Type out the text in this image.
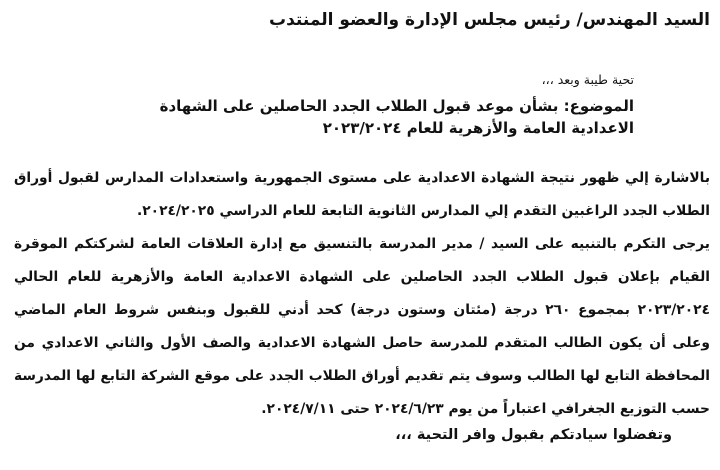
السيد المهندس/ رئيس مجلس الإدارة والعضو المنتدب

تحية طيبة وبعد ،،،

الموضوع: بشأن موعد قبول الطلاب الجدد الحاصلين على الشهادة

الاعدادية العامة والأزهرية للعام ٢٠٢٣/٢٠٢٤

بالاشارة إلي ظهور نتيجة الشهادة الاعدادية على مستوى الجمهورية واستعدادات المدارس لقبول أوراق

الطلاب الجدد الراغبين التقدم إلي المدارس الثانوية التابعة للعام الدراسي ٢٠٢٤/٢٠٢٥.

يرجى التكرم بالتنبيه على السيد / مدير المدرسة بالتنسيق مع إدارة العلاقات العامة لشركتكم الموقرة

القيام بإعلان قبول الطلاب الجدد الحاصلين على الشهادة الاعدادية العامة والأزهرية للعام الحالي

٢٠٢٣/٢٠٢٤ بمجموع ٢٦٠ درجة (مئتان وستون درجة) كحد أدني للقبول وبنفس شروط العام الماضي

وعلى أن يكون الطالب المتقدم للمدرسة حاصل الشهادة الاعدادية والصف الأول والثاني الاعدادي من

المحافظة التابع لها الطالب وسوف يتم تقديم أوراق الطلاب الجدد على موقع الشركة التابع لها المدرسة

حسب التوزيع الجغرافي اعتباراً من يوم ٢٠٢٤/٦/٢٣ حتى ٢٠٢٤/٧/١١.

وتفضلوا سيادتكم بقبول وافر التحية ،،،
